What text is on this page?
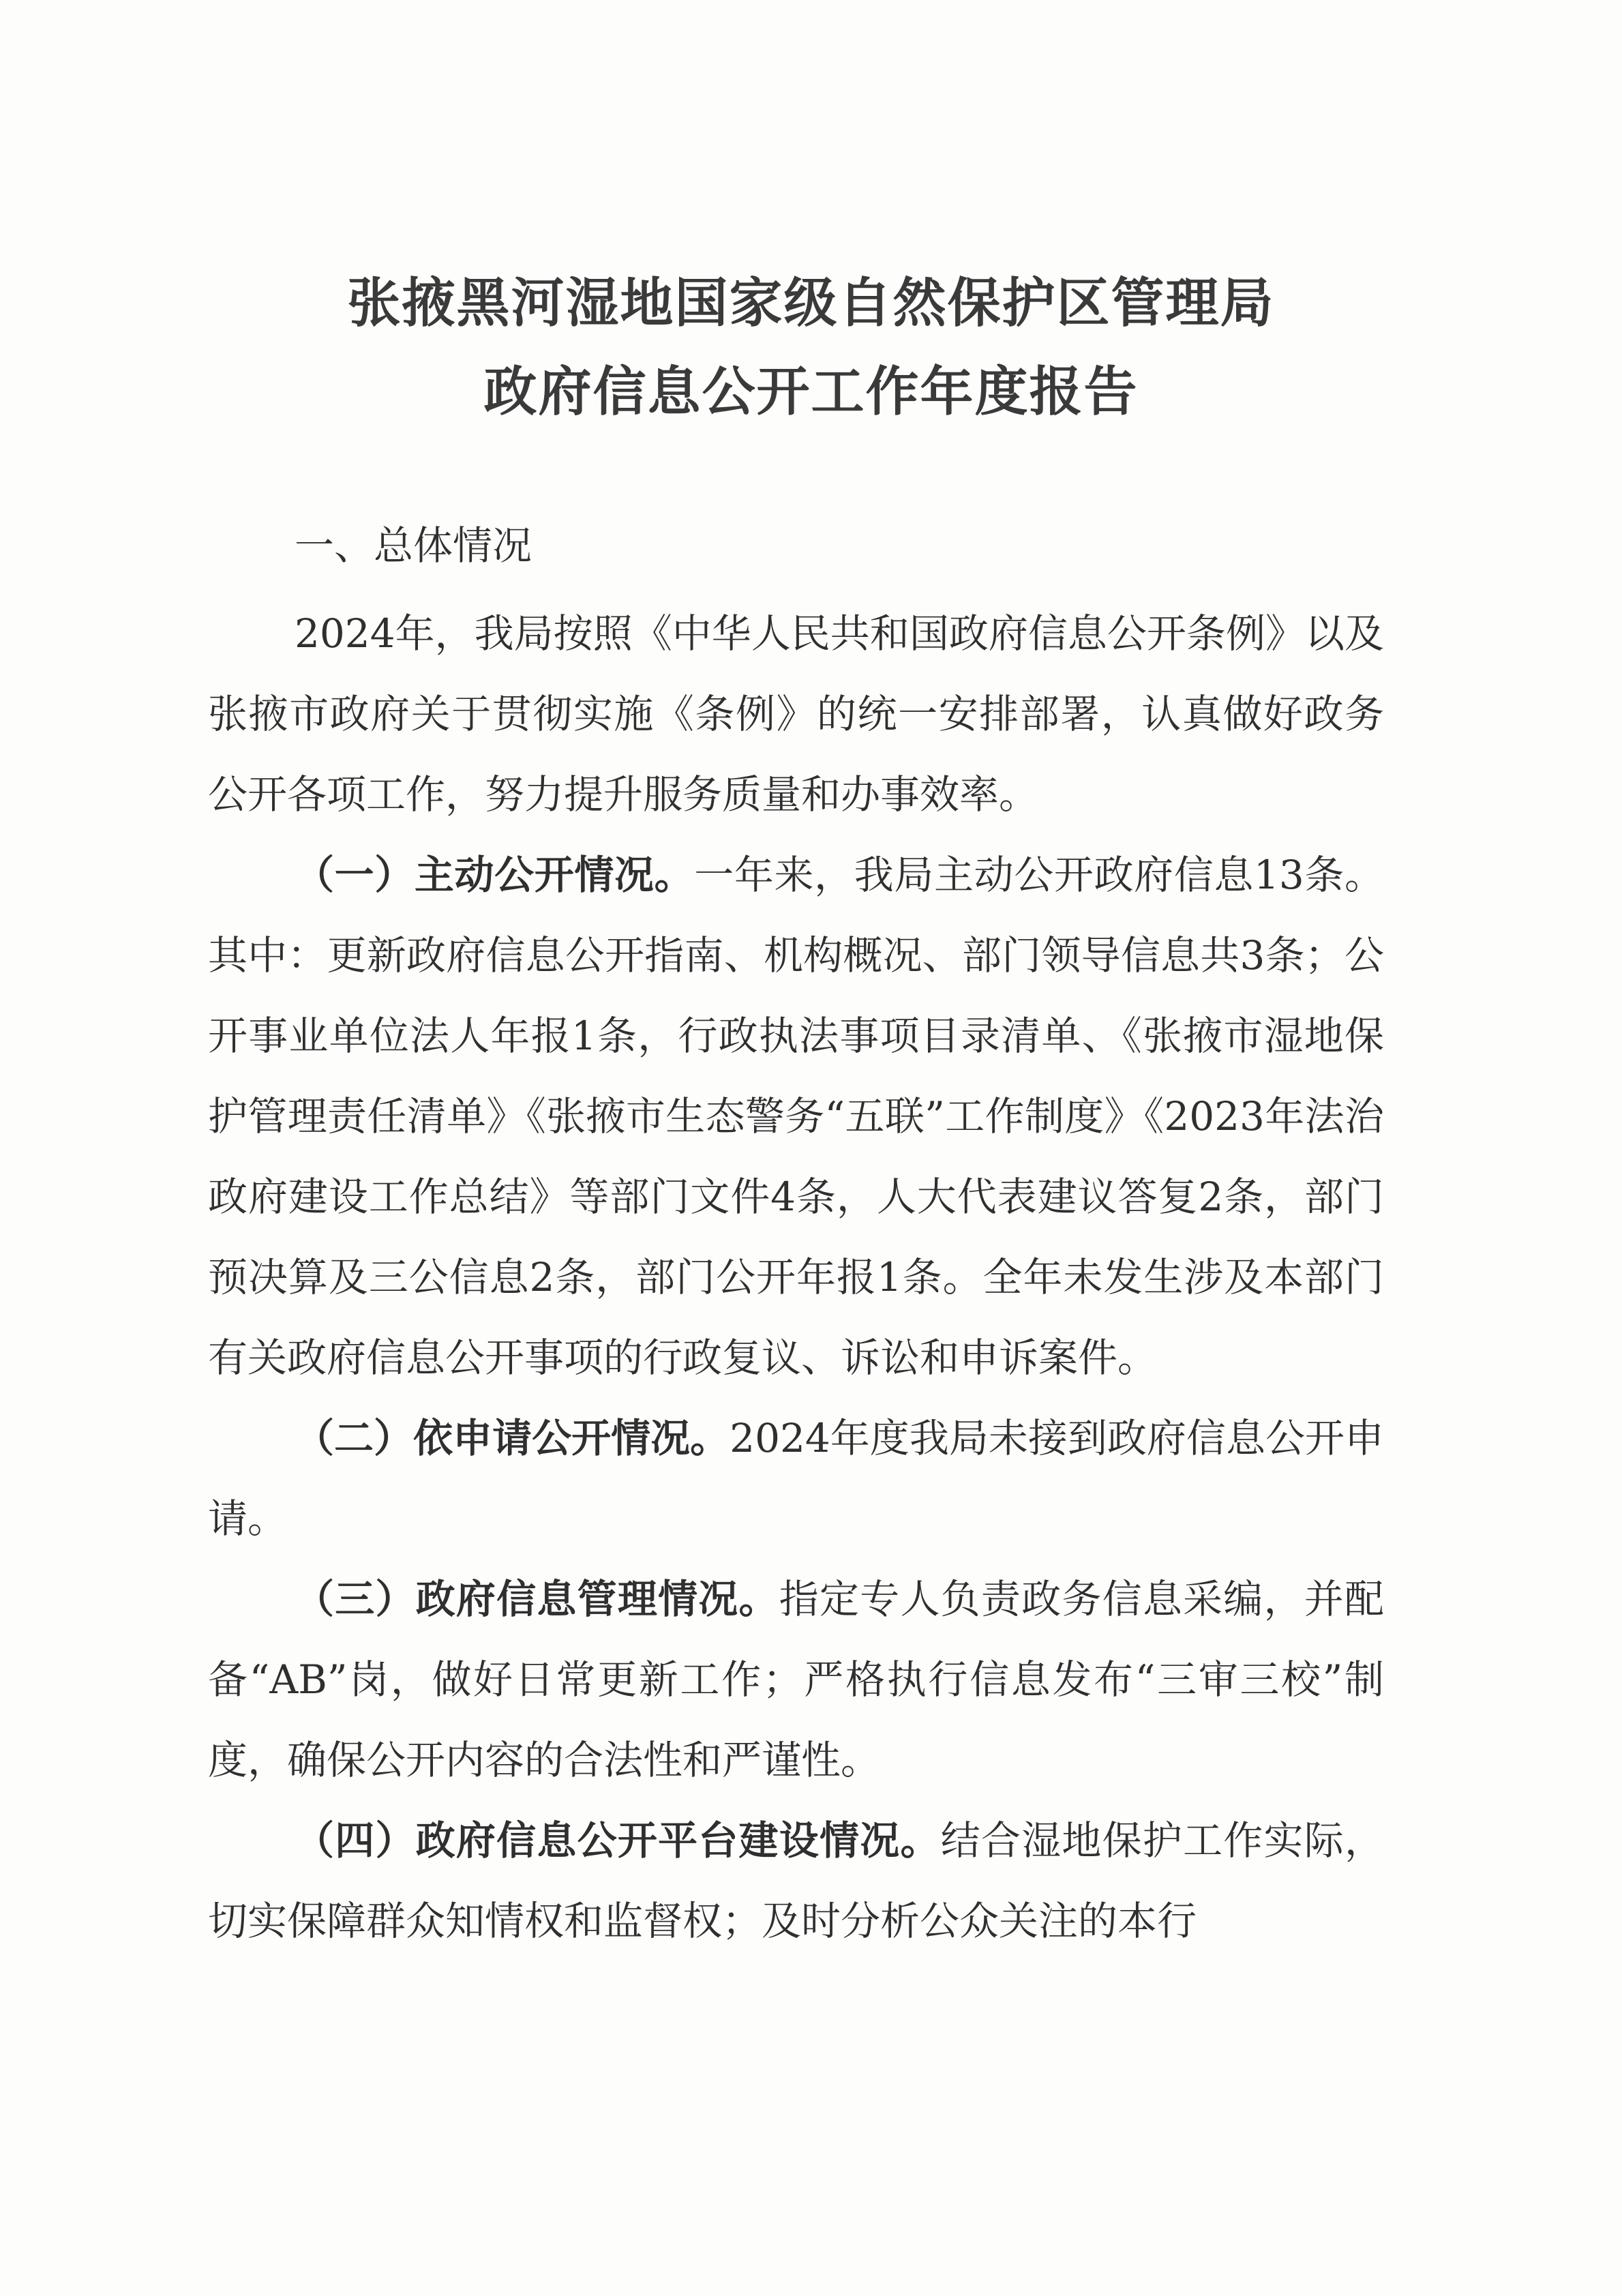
张掖黑河湿地国家级自然保护区管理局
政府信息公开工作年度报告
一、总体情况

2024年，我局按照《中华人民共和国政府信息公开条例》以及张掖市政府关于贯彻实施《条例》的统一安排部署，认真做好政务公开各项工作，努力提升服务质量和办事效率。

（一）主动公开情况。一年来，我局主动公开政府信息13条。其中：更新政府信息公开指南、机构概况、部门领导信息共3条；公开事业单位法人年报1条，行政执法事项目录清单、《张掖市湿地保护管理责任清单》《张掖市生态警务“五联”工作制度》《2023年法治政府建设工作总结》等部门文件4条，人大代表建议答复2条，部门预决算及三公信息2条，部门公开年报1条。全年未发生涉及本部门有关政府信息公开事项的行政复议、诉讼和申诉案件。

（二）依申请公开情况。2024年度我局未接到政府信息公开申请。

（三）政府信息管理情况。指定专人负责政务信息采编，并配备“AB”岗，做好日常更新工作；严格执行信息发布“三审三校”制度，确保公开内容的合法性和严谨性。

（四）政府信息公开平台建设情况。结合湿地保护工作实际，切实保障群众知情权和监督权；及时分析公众关注的本行
